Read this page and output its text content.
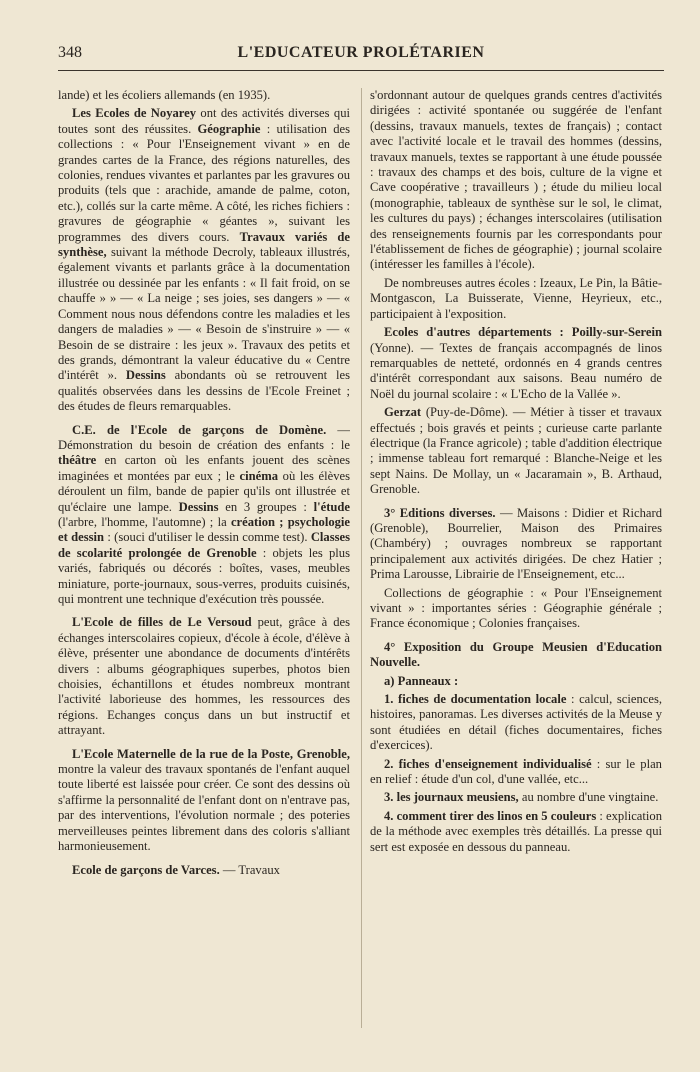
348	L'EDUCATEUR PROLÉTARIEN

lande) et les écoliers allemands (en 1935).

Les Ecoles de Noyarey ont des activités diverses qui toutes sont des réussites. Géographie : utilisation des collections : « Pour l'Enseignement vivant » en de grandes cartes de la France, des régions naturelles, des colonies, rendues vivantes et parlantes par les gravures ou produits (tels que : arachide, amande de palme, coton, etc.), collés sur la carte même. A côté, les riches fichiers : gravures de géographie « géantes », suivant les programmes des divers cours. Travaux variés de synthèse, suivant la méthode Decroly, tableaux illustrés, également vivants et parlants grâce à la documentation illustrée ou dessinée par les enfants : « Il fait froid, on se chauffe » » — « La neige ; ses joies, ses dangers » — « Comment nous nous défendons contre les maladies et les dangers de maladies » — « Besoin de s'instruire » — « Besoin de se distraire : les jeux ». Travaux des petits et des grands, démontrant la valeur éducative du « Centre d'intérêt ». Dessins abondants où se retrouvent les qualités observées dans les dessins de l'Ecole Freinet ; des études de fleurs remarquables.

C.E. de l'Ecole de garçons de Domène. — Démonstration du besoin de création des enfants : le théâtre en carton où les enfants jouent des scènes imaginées et montées par eux ; le cinéma où les élèves déroulent un film, bande de papier qu'ils ont illustrée et qu'éclaire une lampe. Dessins en 3 groupes : l'étude (l'arbre, l'homme, l'automne) ; la création ; psychologie et dessin : (souci d'utiliser le dessin comme test). Classes de scolarité prolongée de Grenoble : objets les plus variés, fabriqués ou décorés : boîtes, vases, meubles miniature, porte-journaux, sous-verres, produits cuisinés, qui montrent une technique d'exécution très poussée.

L'Ecole de filles de Le Versoud peut, grâce à des échanges interscolaires copieux, d'école à école, d'élève à élève, présenter une abondance de documents d'intérêts divers : albums géographiques superbes, photos bien choisies, échantillons et études nombreux montrant l'activité laborieuse des hommes, les ressources des régions. Echanges conçus dans un but instructif et attrayant.

L'Ecole Maternelle de la rue de la Poste, Grenoble, montre la valeur des travaux spontanés de l'enfant auquel toute liberté est laissée pour créer. Ce sont des dessins où s'affirme la personnalité de l'enfant dont on n'entrave pas, par des interventions, l'évolution normale ; des poteries merveilleuses peintes librement dans des coloris s'alliant harmonieusement.

Ecole de garçons de Varces. — Travaux

s'ordonnant autour de quelques grands centres d'activités dirigées : activité spontanée ou suggérée de l'enfant (dessins, travaux manuels, textes de français) ; contact avec l'activité locale et le travail des hommes (dessins, travaux manuels, textes se rapportant à une étude poussée : travaux des champs et des bois, culture de la vigne et Cave coopérative ; travailleurs ) ; étude du milieu local (monographie, tableaux de synthèse sur le sol, le climat, les cultures du pays) ; échanges interscolaires (utilisation des renseignements fournis par les correspondants pour l'établissement de fiches de géographie) ; journal scolaire (intéresser les familles à l'école).

De nombreuses autres écoles : Izeaux, Le Pin, la Bâtie-Montgascon, La Buisserate, Vienne, Heyrieux, etc., participaient à l'exposition.

Ecoles d'autres départements : Poilly-sur-Serein (Yonne). — Textes de français accompagnés de linos remarquables de netteté, ordonnés en 4 grands centres d'intérêt correspondant aux saisons. Beau numéro de Noël du journal scolaire : « L'Echo de la Vallée ».

Gerzat (Puy-de-Dôme). — Métier à tisser et travaux effectués ; bois gravés et peints ; curieuse carte parlante électrique (la France agricole) ; table d'addition électrique ; immense tableau fort remarqué : Blanche-Neige et les sept Nains. De Mollay, un « Jacaramain », B. Arthaud, Grenoble.

3° Editions diverses. — Maisons : Didier et Richard (Grenoble), Bourrelier, Maison des Primaires (Chambéry) ; ouvrages nombreux se rapportant principalement aux activités dirigées. De chez Hatier ; Prima Larousse, Librairie de l'Enseignement, etc...

Collections de géographie : « Pour l'Enseignement vivant » : importantes séries : Géographie générale ; France économique ; Colonies françaises.

4° Exposition du Groupe Meusien d'Education Nouvelle.

a) Panneaux :

1. fiches de documentation locale : calcul, sciences, histoires, panoramas. Les diverses activités de la Meuse y sont étudiées en détail (fiches documentaires, fiches d'exercices).

2. fiches d'enseignement individualisé : sur le plan en relief : étude d'un col, d'une vallée, etc...

3. les journaux meusiens, au nombre d'une vingtaine.

4. comment tirer des linos en 5 couleurs : explication de la méthode avec exemples très détaillés. La presse qui sert est exposée en dessous du panneau.
